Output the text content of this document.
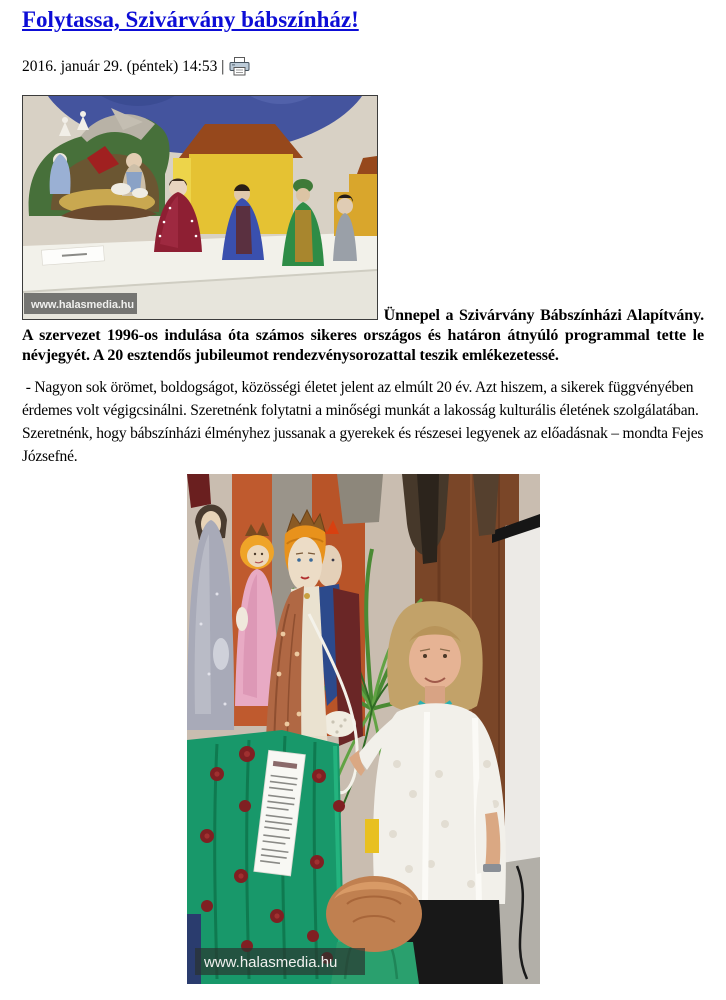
Folytassa, Szivárvány bábszínház!
2016. január 29. (péntek) 14:53 |

www.halasmedia.hu
Ünnepel a Szivárvány Bábszínházi Alapítvány. A szervezet 1996-os indulása óta számos sikeres országos és határon átnyúló programmal tette le névjegyét. A 20 esztendős jubileumot rendezvénysorozattal teszik emlékezetessé.

- Nagyon sok örömet, boldogságot, közösségi életet jelent az elmúlt 20 év. Azt hiszem, a sikerek függvényében érdemes volt végigcsinálni. Szeretnénk folytatni a minőségi munkát a lakosság kulturális életének szolgálatában. Szeretnénk, hogy bábszínházi élményhez jussanak a gyerekek és részesei legyenek az előadásnak – mondta Fejes Józsefné.

www.halasmedia.hu
